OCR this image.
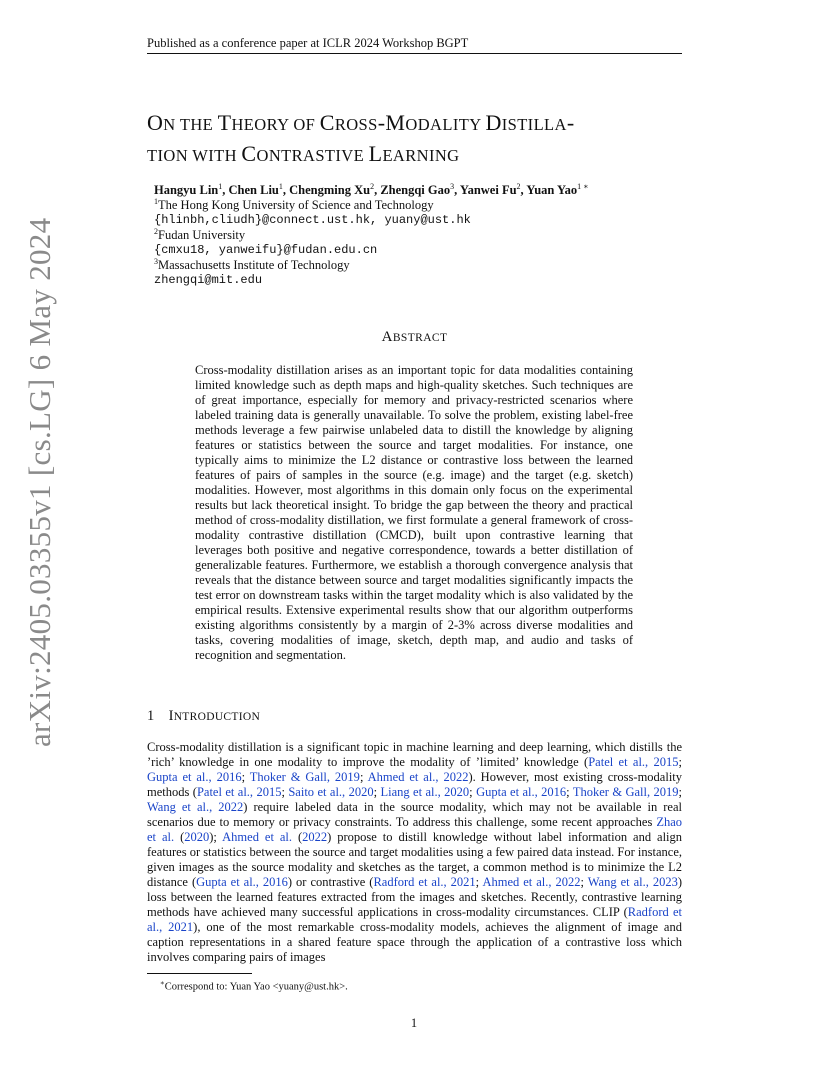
Published as a conference paper at ICLR 2024 Workshop BGPT
arXiv:2405.03355v1 [cs.LG] 6 May 2024
ON THE THEORY OF CROSS-MODALITY DISTILLA-
TION WITH CONTRASTIVE LEARNING
Hangyu Lin$^1$, Chen Liu$^1$, Chengming Xu$^2$, Zhengqi Gao$^3$, Yanwei Fu$^2$, Yuan Yao$^{1 ∗}$
$^1$The Hong Kong University of Science and Technology
{hlinbh,cliudh}@connect.ust.hk, yuany@ust.hk
$^2$Fudan University
{cmxu18, yanweifu}@fudan.edu.cn
$^3$Massachusetts Institute of Technology
zhengqi@mit.edu
ABSTRACT
Cross-modality distillation arises as an important topic for data modalities containing limited knowledge such as depth maps and high-quality sketches. Such techniques are of great importance, especially for memory and privacy-restricted scenarios where labeled training data is generally unavailable. To solve the problem, existing label-free methods leverage a few pairwise unlabeled data to distill the knowledge by aligning features or statistics between the source and target modalities. For instance, one typically aims to minimize the L2 distance or contrastive loss between the learned features of pairs of samples in the source (e.g. image) and the target (e.g. sketch) modalities. However, most algorithms in this domain only focus on the experimental results but lack theoretical insight. To bridge the gap between the theory and practical method of cross-modality distillation, we first formulate a general framework of cross-modality contrastive distillation (CMCD), built upon contrastive learning that leverages both positive and negative correspondence, towards a better distillation of generalizable features. Furthermore, we establish a thorough convergence analysis that reveals that the distance between source and target modalities significantly impacts the test error on downstream tasks within the target modality which is also validated by the empirical results. Extensive experimental results show that our algorithm outperforms existing algorithms consistently by a margin of 2-3% across diverse modalities and tasks, covering modalities of image, sketch, depth map, and audio and tasks of recognition and segmentation.
1 INTRODUCTION
Cross-modality distillation is a significant topic in machine learning and deep learning, which distills the ’rich’ knowledge in one modality to improve the modality of ’limited’ knowledge (Patel et al., 2015; Gupta et al., 2016; Thoker & Gall, 2019; Ahmed et al., 2022). However, most existing cross-modality methods (Patel et al., 2015; Saito et al., 2020; Liang et al., 2020; Gupta et al., 2016; Thoker & Gall, 2019; Wang et al., 2022) require labeled data in the source modality, which may not be available in real scenarios due to memory or privacy constraints. To address this challenge, some recent approaches Zhao et al. (2020); Ahmed et al. (2022) propose to distill knowledge without label information and align features or statistics between the source and target modalities using a few paired data instead. For instance, given images as the source modality and sketches as the target, a common method is to minimize the L2 distance (Gupta et al., 2016) or contrastive (Radford et al., 2021; Ahmed et al., 2022; Wang et al., 2023) loss between the learned features extracted from the images and sketches. Recently, contrastive learning methods have achieved many successful applications in cross-modality circumstances. CLIP (Radford et al., 2021), one of the most remarkable cross-modality models, achieves the alignment of image and caption representations in a shared feature space through the application of a contrastive loss which involves comparing pairs of images
∗Correspond to: Yuan Yao <yuany@ust.hk>.
1
